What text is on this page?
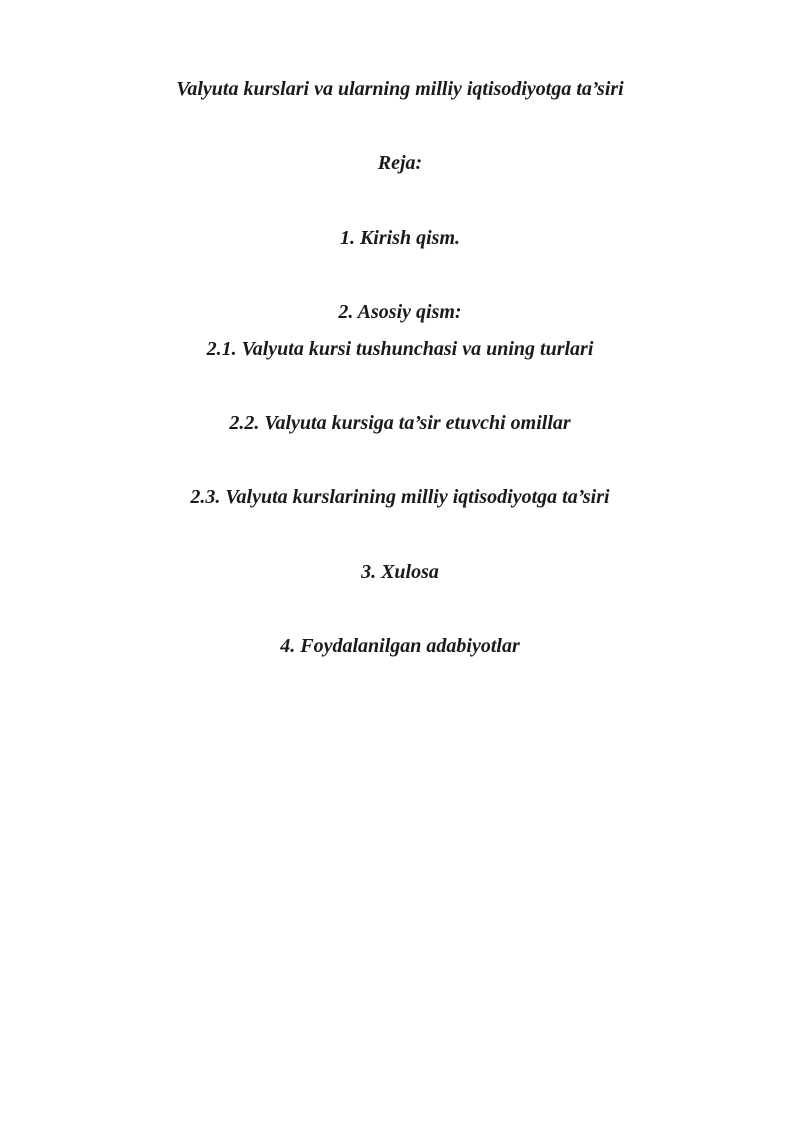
Valyuta kurslari va ularning milliy iqtisodiyotga ta’siri
Reja:
1. Kirish qism.
2. Asosiy qism:
2.1. Valyuta kursi tushunchasi va uning turlari
2.2. Valyuta kursiga ta’sir etuvchi omillar
2.3. Valyuta kurslarining milliy iqtisodiyotga ta’siri
3. Xulosa
4. Foydalanilgan adabiyotlar
